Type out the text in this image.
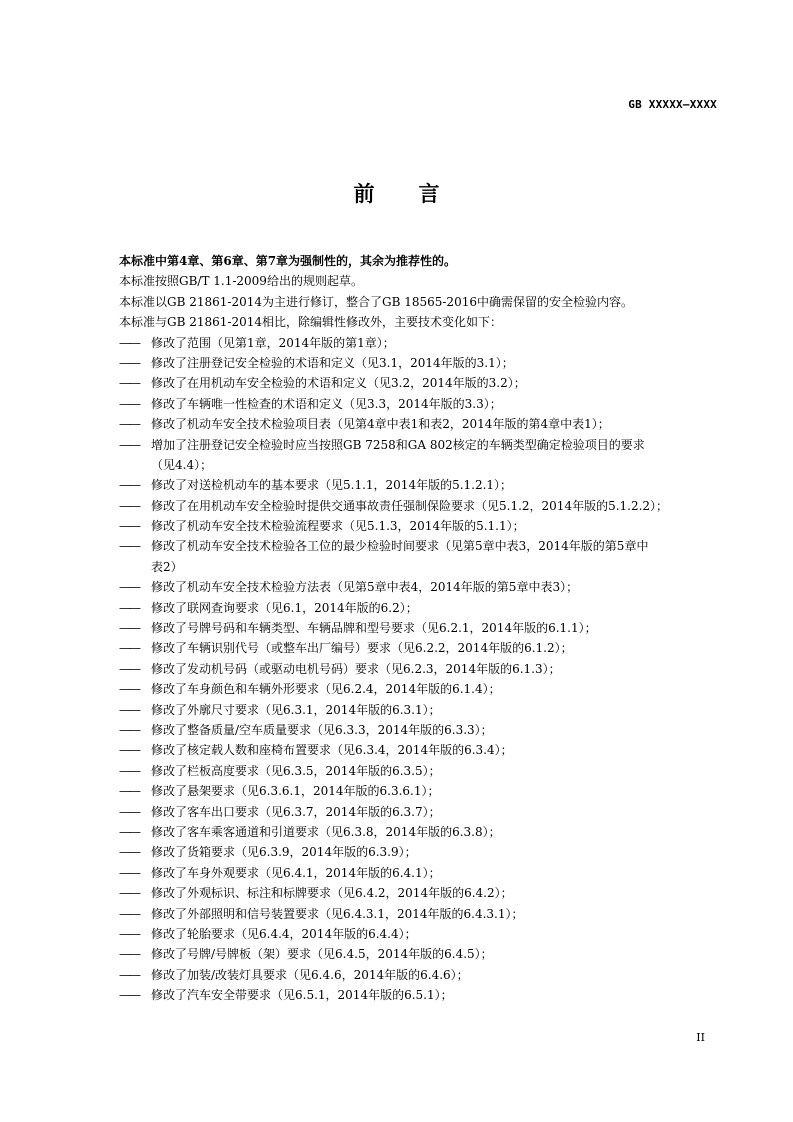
GB XXXXX—XXXX
前 言
本标准中第4章、第6章、第7章为强制性的，其余为推荐性的。
本标准按照GB/T 1.1-2009给出的规则起草。
本标准以GB 21861-2014为主进行修订，整合了GB 18565-2016中确需保留的安全检验内容。
本标准与GB 21861-2014相比，除编辑性修改外，主要技术变化如下：
——	修改了范围（见第1章，2014年版的第1章）；
——	修改了注册登记安全检验的术语和定义（见3.1，2014年版的3.1）；
——	修改了在用机动车安全检验的术语和定义（见3.2，2014年版的3.2）；
——	修改了车辆唯一性检查的术语和定义（见3.3，2014年版的3.3）；
——	修改了机动车安全技术检验项目表（见第4章中表1和表2，2014年版的第4章中表1）；
——	增加了注册登记安全检验时应当按照GB 7258和GA 802核定的车辆类型确定检验项目的要求
（见4.4）；
——	修改了对送检机动车的基本要求（见5.1.1，2014年版的5.1.2.1）；
——	修改了在用机动车安全检验时提供交通事故责任强制保险要求（见5.1.2，2014年版的5.1.2.2）；
——	修改了机动车安全技术检验流程要求（见5.1.3，2014年版的5.1.1）；
——	修改了机动车安全技术检验各工位的最少检验时间要求（见第5章中表3，2014年版的第5章中
表2）
——	修改了机动车安全技术检验方法表（见第5章中表4，2014年版的第5章中表3）；
——	修改了联网查询要求（见6.1，2014年版的6.2）；
——	修改了号牌号码和车辆类型、车辆品牌和型号要求（见6.2.1，2014年版的6.1.1）；
——	修改了车辆识别代号（或整车出厂编号）要求（见6.2.2，2014年版的6.1.2）；
——	修改了发动机号码（或驱动电机号码）要求（见6.2.3，2014年版的6.1.3）；
——	修改了车身颜色和车辆外形要求（见6.2.4，2014年版的6.1.4）；
——	修改了外廓尺寸要求（见6.3.1，2014年版的6.3.1）；
——	修改了整备质量/空车质量要求（见6.3.3，2014年版的6.3.3）；
——	修改了核定载人数和座椅布置要求（见6.3.4，2014年版的6.3.4）；
——	修改了栏板高度要求（见6.3.5，2014年版的6.3.5）；
——	修改了悬架要求（见6.3.6.1，2014年版的6.3.6.1）；
——	修改了客车出口要求（见6.3.7，2014年版的6.3.7）；
——	修改了客车乘客通道和引道要求（见6.3.8，2014年版的6.3.8）；
——	修改了货箱要求（见6.3.9，2014年版的6.3.9）；
——	修改了车身外观要求（见6.4.1，2014年版的6.4.1）；
——	修改了外观标识、标注和标牌要求（见6.4.2，2014年版的6.4.2）；
——	修改了外部照明和信号装置要求（见6.4.3.1，2014年版的6.4.3.1）；
——	修改了轮胎要求（见6.4.4，2014年版的6.4.4）；
——	修改了号牌/号牌板（架）要求（见6.4.5，2014年版的6.4.5）；
——	修改了加装/改装灯具要求（见6.4.6，2014年版的6.4.6）；
——	修改了汽车安全带要求（见6.5.1，2014年版的6.5.1）；
II
